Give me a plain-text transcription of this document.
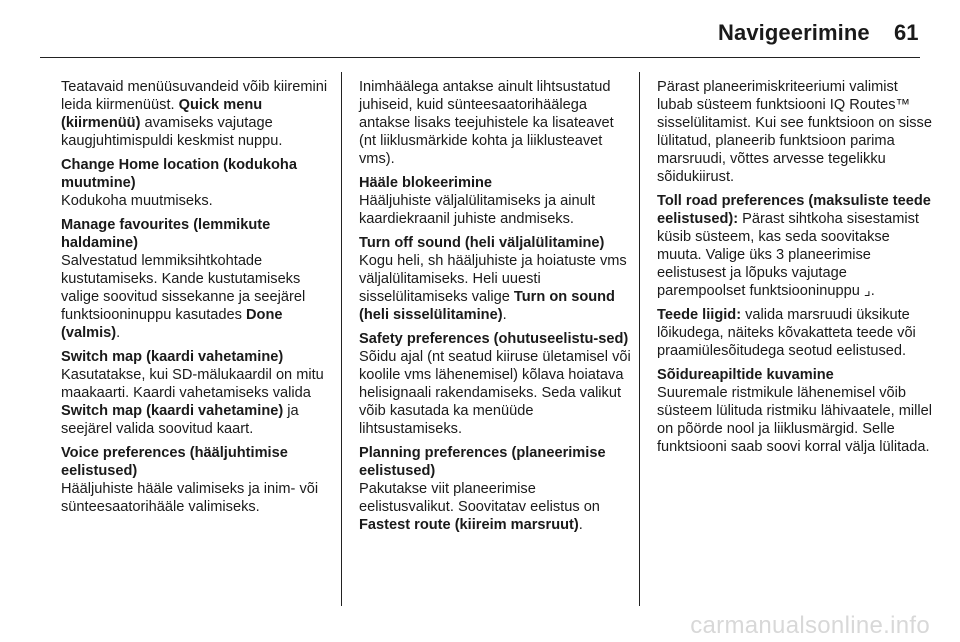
Navigeerimine 61

Teatavaid menüüsuvandeid võib kiiremini leida kiirmenüüst. Quick menu (kiirmenüü) avamiseks vajutage kaugjuhtimispuldi keskmist nuppu.

Change Home location (kodukoha muutmine)

Kodukoha muutmiseks.

Manage favourites (lemmikute haldamine)

Salvestatud lemmiksihtkohtade kustutamiseks. Kande kustutamiseks valige soovitud sissekanne ja seejärel funktsiooninuppu kasutades Done (valmis).

Switch map (kaardi vahetamine)

Kasutatakse, kui SD-mälukaardil on mitu maakaarti. Kaardi vahetamiseks valida Switch map (kaardi vahetamine) ja seejärel valida soovitud kaart.

Voice preferences (hääljuhtimise eelistused)

Hääljuhiste hääle valimiseks ja inim- või sünteesaatorihääle valimiseks.

Inimhäälega antakse ainult lihtsustatud juhiseid, kuid sünteesaatorihäälega antakse lisaks teejuhistele ka lisateavet (nt liiklusmärkide kohta ja liiklusteavet vms).

Hääle blokeerimine

Hääljuhiste väljalülitamiseks ja ainult kaardiekraanil juhiste andmiseks.

Turn off sound (heli väljalülitamine)

Kogu heli, sh hääljuhiste ja hoiatuste vms väljalülitamiseks. Heli uuesti sisselülitamiseks valige Turn on sound (heli sisselülitamine).

Safety preferences (ohutuseelistu-sed)

Sõidu ajal (nt seatud kiiruse ületamisel või koolile vms lähenemisel) kõlava hoiatava helisignaali rakendamiseks. Seda valikut võib kasutada ka menüüde lihtsustamiseks.

Planning preferences (planeerimise eelistused)

Pakutakse viit planeerimise eelistusvalikut. Soovitatav eelistus on Fastest route (kiireim marsruut).

Pärast planeerimiskriteeriumi valimist lubab süsteem funktsiooni IQ Routes™ sisselülitamist. Kui see funktsioon on sisse lülitatud, planeerib funktsioon parima marsruudi, võttes arvesse tegelikku sõidukiirust.

Toll road preferences (maksuliste teede eelistused): Pärast sihtkoha sisestamist küsib süsteem, kas seda soovitakse muuta. Valige üks 3 planeerimise eelistusest ja lõpuks vajutage parempoolset funktsiooninuppu ⌟.

Teede liigid: valida marsruudi üksikute lõikudega, näiteks kõvakatteta teede või praamiülesõitudega seotud eelistused.

Sõidureapiltide kuvamine

Suuremale ristmikule lähenemisel võib süsteem lülituda ristmiku lähivaatele, millel on põörde nool ja liiklusmärgid. Selle funktsiooni saab soovi korral välja lülitada.

carmanualsonline.info
